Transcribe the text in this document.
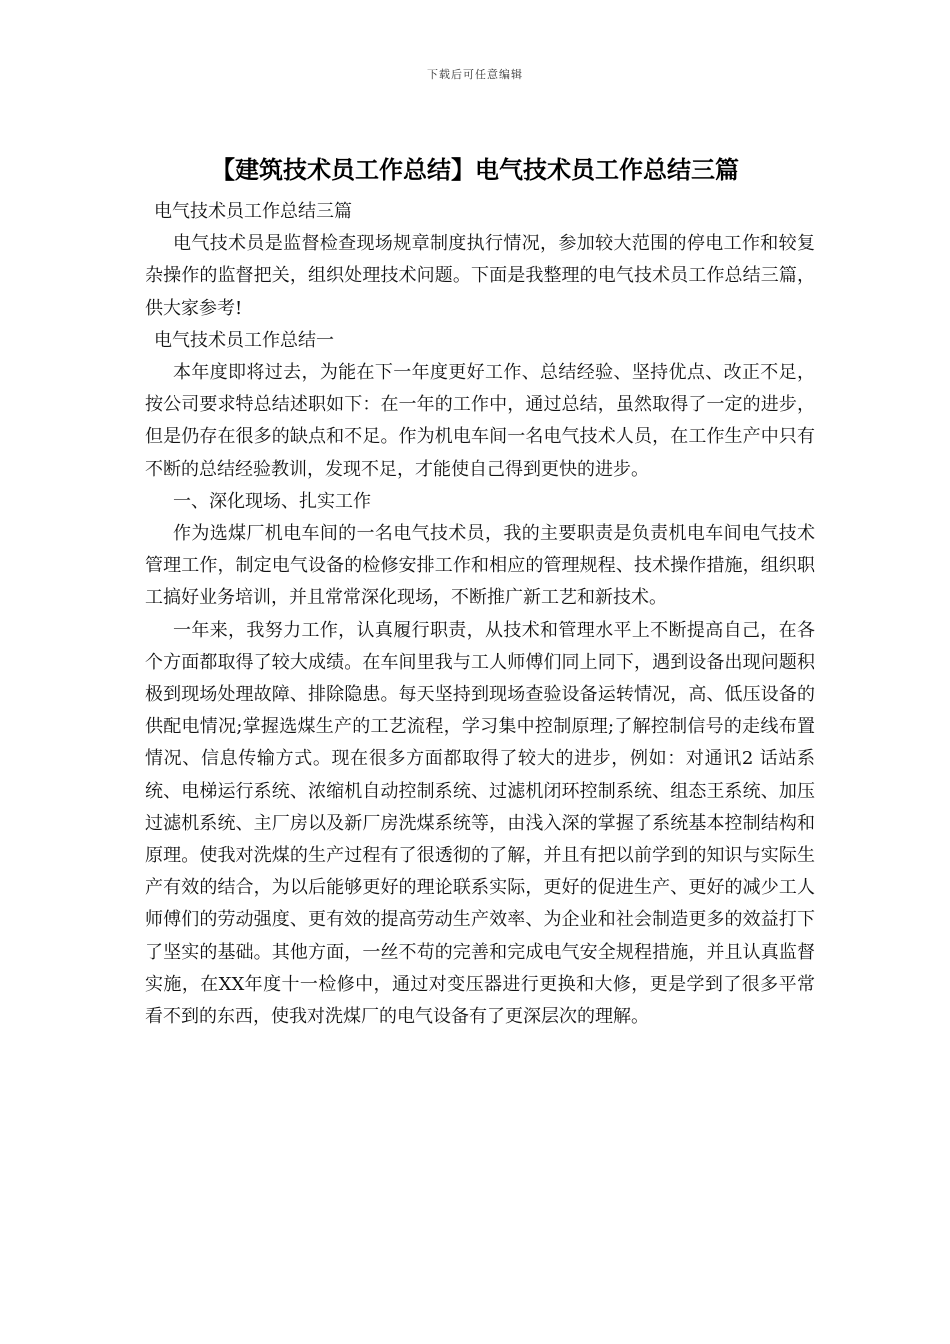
下载后可任意编辑
【建筑技术员工作总结】电气技术员工作总结三篇

电气技术员工作总结三篇

电气技术员是监督检查现场规章制度执行情况，参加较大范围的停电工作和较复杂操作的监督把关，组织处理技术问题。下面是我整理的电气技术员工作总结三篇，供大家参考!

电气技术员工作总结一

本年度即将过去，为能在下一年度更好工作、总结经验、坚持优点、改正不足，按公司要求特总结述职如下：在一年的工作中，通过总结，虽然取得了一定的进步，但是仍存在很多的缺点和不足。作为机电车间一名电气技术人员，在工作生产中只有不断的总结经验教训，发现不足，才能使自己得到更快的进步。

一、深化现场、扎实工作

作为选煤厂机电车间的一名电气技术员，我的主要职责是负责机电车间电气技术管理工作，制定电气设备的检修安排工作和相应的管理规程、技术操作措施，组织职工搞好业务培训，并且常常深化现场，不断推广新工艺和新技术。

一年来，我努力工作，认真履行职责，从技术和管理水平上不断提高自己，在各个方面都取得了较大成绩。在车间里我与工人师傅们同上同下，遇到设备出现问题积极到现场处理故障、排除隐患。每天坚持到现场查验设备运转情况，高、低压设备的供配电情况;掌握选煤生产的工艺流程，学习集中控制原理;了解控制信号的走线布置情况、信息传输方式。现在很多方面都取得了较大的进步，例如：对通讯2 话站系统、电梯运行系统、浓缩机自动控制系统、过滤机闭环控制系统、组态王系统、加压过滤机系统、主厂房以及新厂房洗煤系统等，由浅入深的掌握了系统基本控制结构和原理。使我对洗煤的生产过程有了很透彻的了解，并且有把以前学到的知识与实际生产有效的结合，为以后能够更好的理论联系实际，更好的促进生产、更好的减少工人师傅们的劳动强度、更有效的提高劳动生产效率、为企业和社会制造更多的效益打下了坚实的基础。其他方面，一丝不苟的完善和完成电气安全规程措施，并且认真监督实施，在XX年度十一检修中，通过对变压器进行更换和大修，更是学到了很多平常看不到的东西，使我对洗煤厂的电气设备有了更深层次的理解。
